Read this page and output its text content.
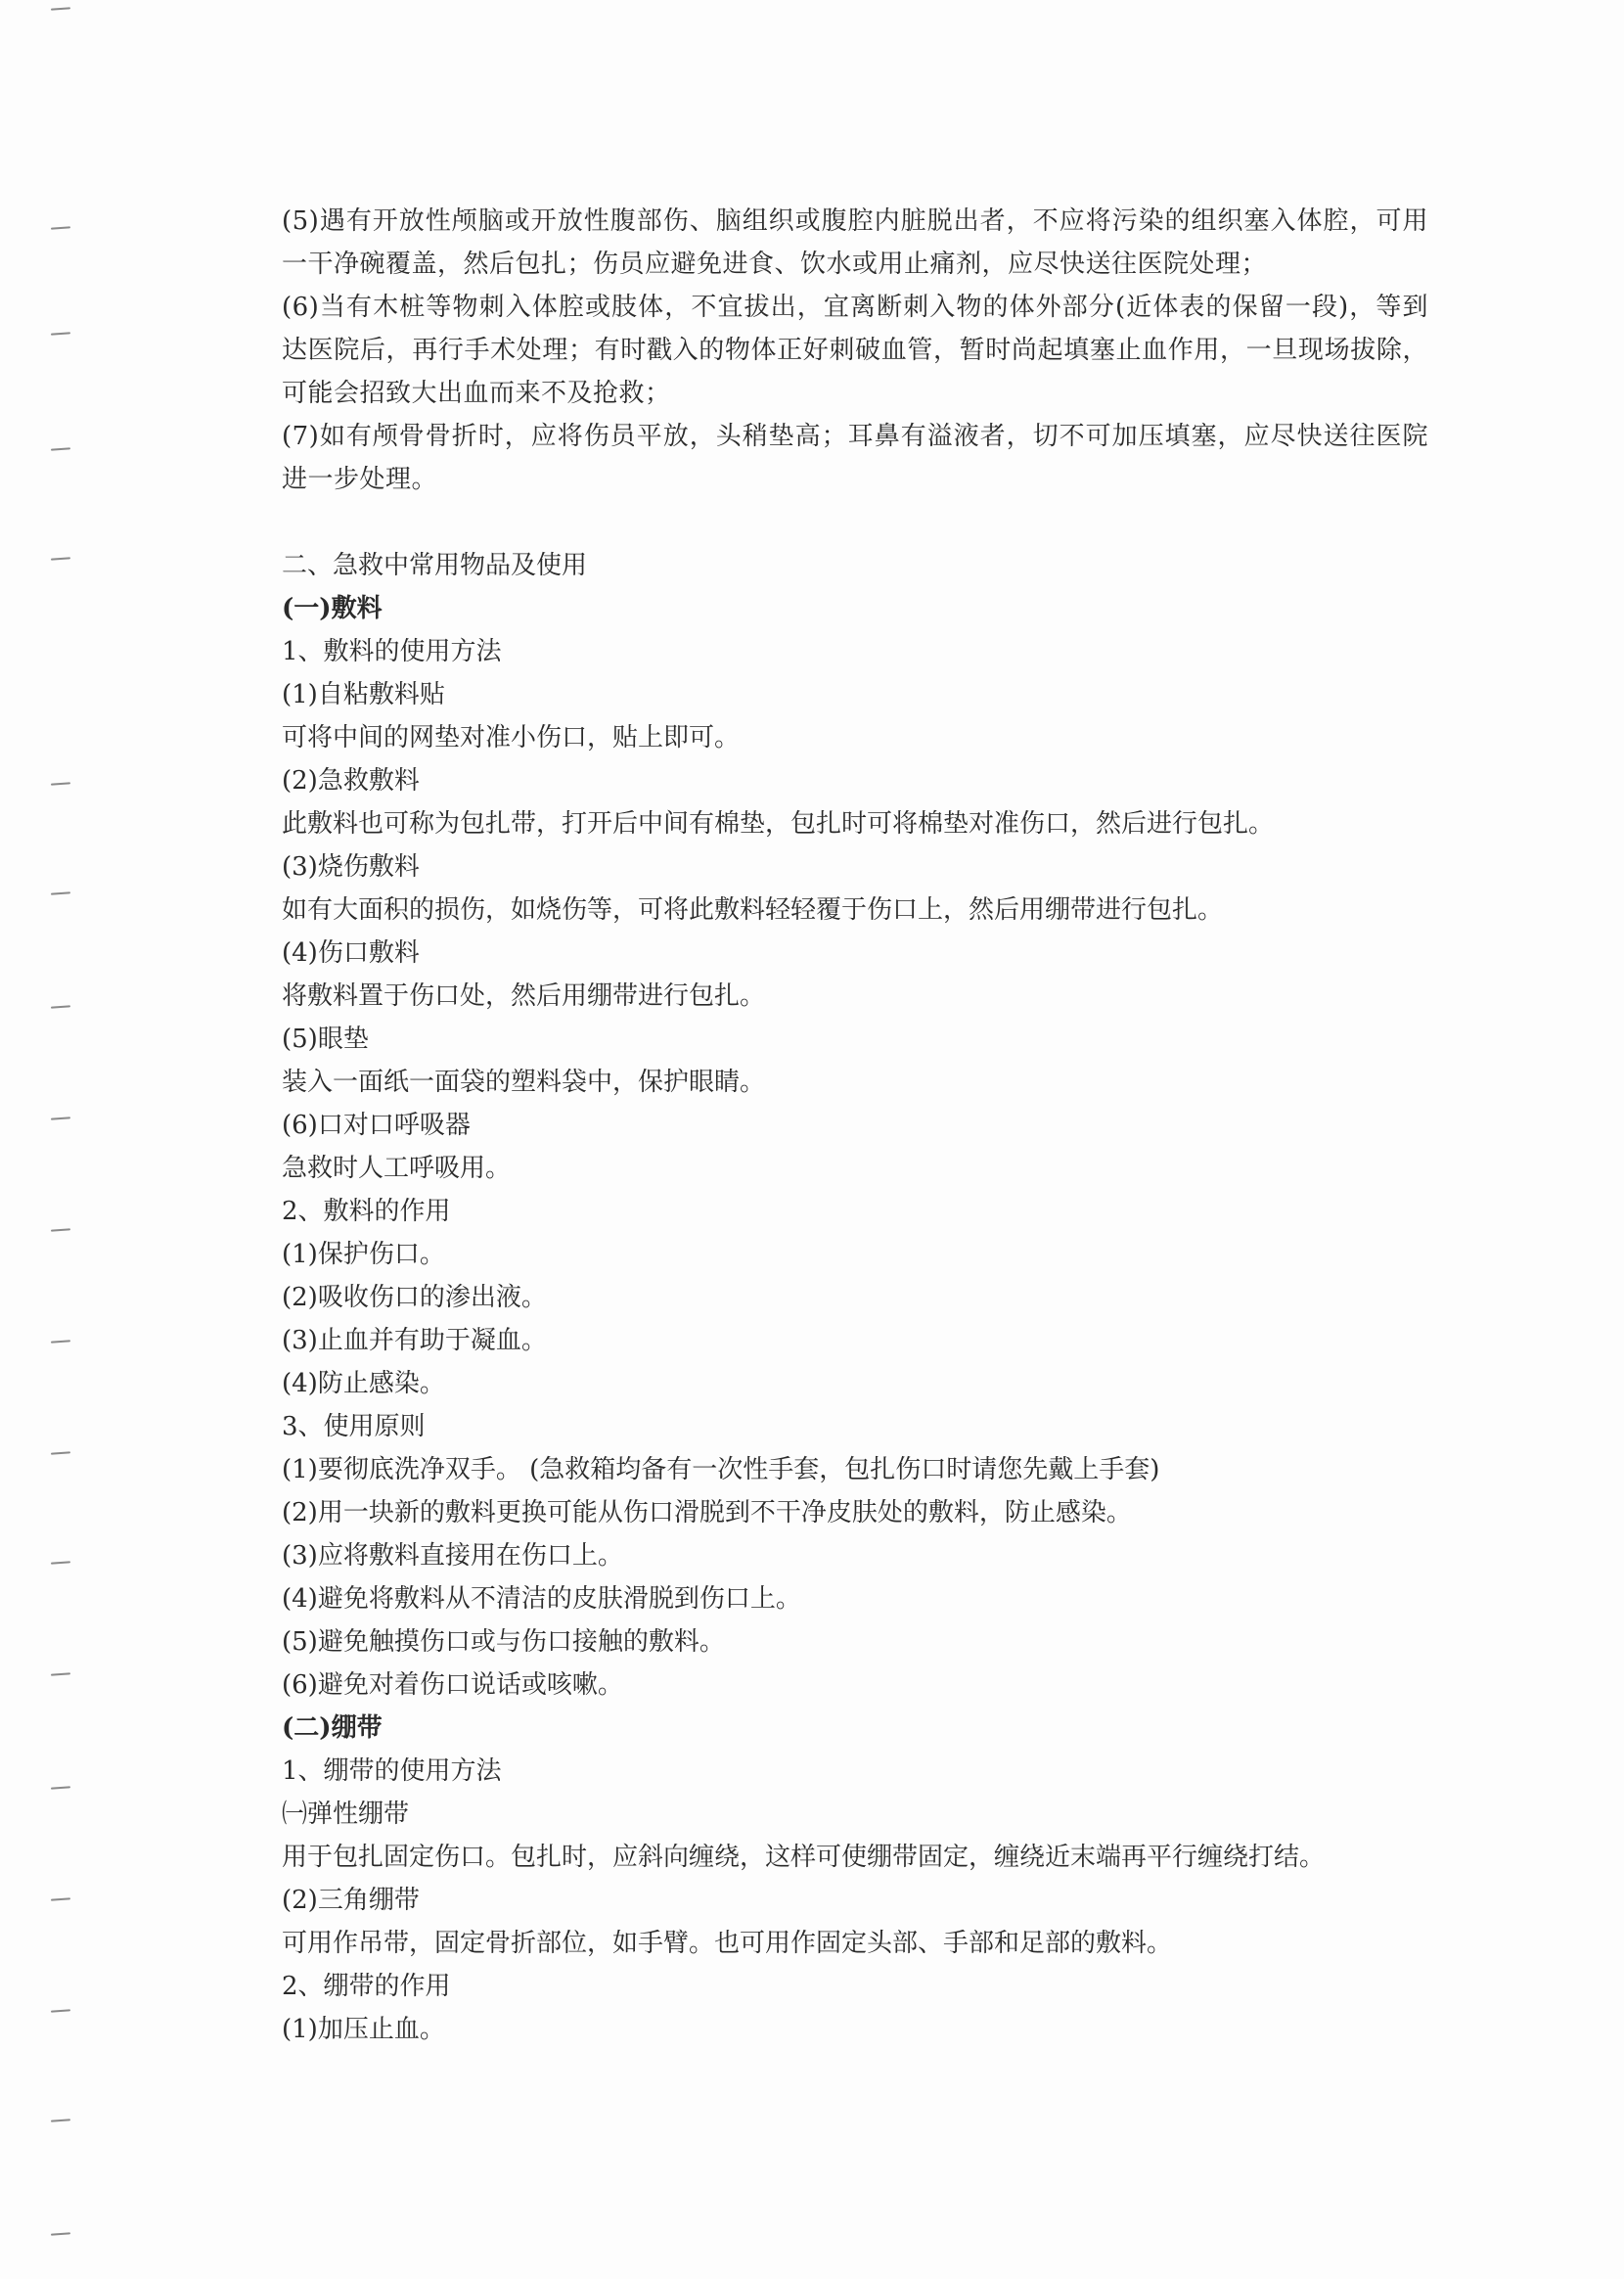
(5)遇有开放性颅脑或开放性腹部伤、脑组织或腹腔内脏脱出者，不应将污染的组织塞入体腔，可用一干净碗覆盖，然后包扎；伤员应避免进食、饮水或用止痛剂，应尽快送往医院处理；

(6)当有木桩等物刺入体腔或肢体，不宜拔出，宜离断刺入物的体外部分(近体表的保留一段)，等到达医院后，再行手术处理；有时戳入的物体正好刺破血管，暂时尚起填塞止血作用，一旦现场拔除，可能会招致大出血而来不及抢救；

(7)如有颅骨骨折时，应将伤员平放，头稍垫高；耳鼻有溢液者，切不可加压填塞，应尽快送往医院进一步处理。

二、急救中常用物品及使用

(一)敷料

1、敷料的使用方法

(1)自粘敷料贴

可将中间的网垫对准小伤口，贴上即可。

(2)急救敷料

此敷料也可称为包扎带，打开后中间有棉垫，包扎时可将棉垫对准伤口，然后进行包扎。

(3)烧伤敷料

如有大面积的损伤，如烧伤等，可将此敷料轻轻覆于伤口上，然后用绷带进行包扎。

(4)伤口敷料

将敷料置于伤口处，然后用绷带进行包扎。

(5)眼垫

装入一面纸一面袋的塑料袋中，保护眼睛。

(6)口对口呼吸器

急救时人工呼吸用。

2、敷料的作用

(1)保护伤口。

(2)吸收伤口的渗出液。

(3)止血并有助于凝血。

(4)防止感染。

3、使用原则

(1)要彻底洗净双手。 (急救箱均备有一次性手套，包扎伤口时请您先戴上手套)

(2)用一块新的敷料更换可能从伤口滑脱到不干净皮肤处的敷料，防止感染。

(3)应将敷料直接用在伤口上。

(4)避免将敷料从不清洁的皮肤滑脱到伤口上。

(5)避免触摸伤口或与伤口接触的敷料。

(6)避免对着伤口说话或咳嗽。

(二)绷带

1、绷带的使用方法

㈠弹性绷带

用于包扎固定伤口。包扎时，应斜向缠绕，这样可使绷带固定，缠绕近末端再平行缠绕打结。

(2)三角绷带

可用作吊带，固定骨折部位，如手臂。也可用作固定头部、手部和足部的敷料。

2、绷带的作用

(1)加压止血。
